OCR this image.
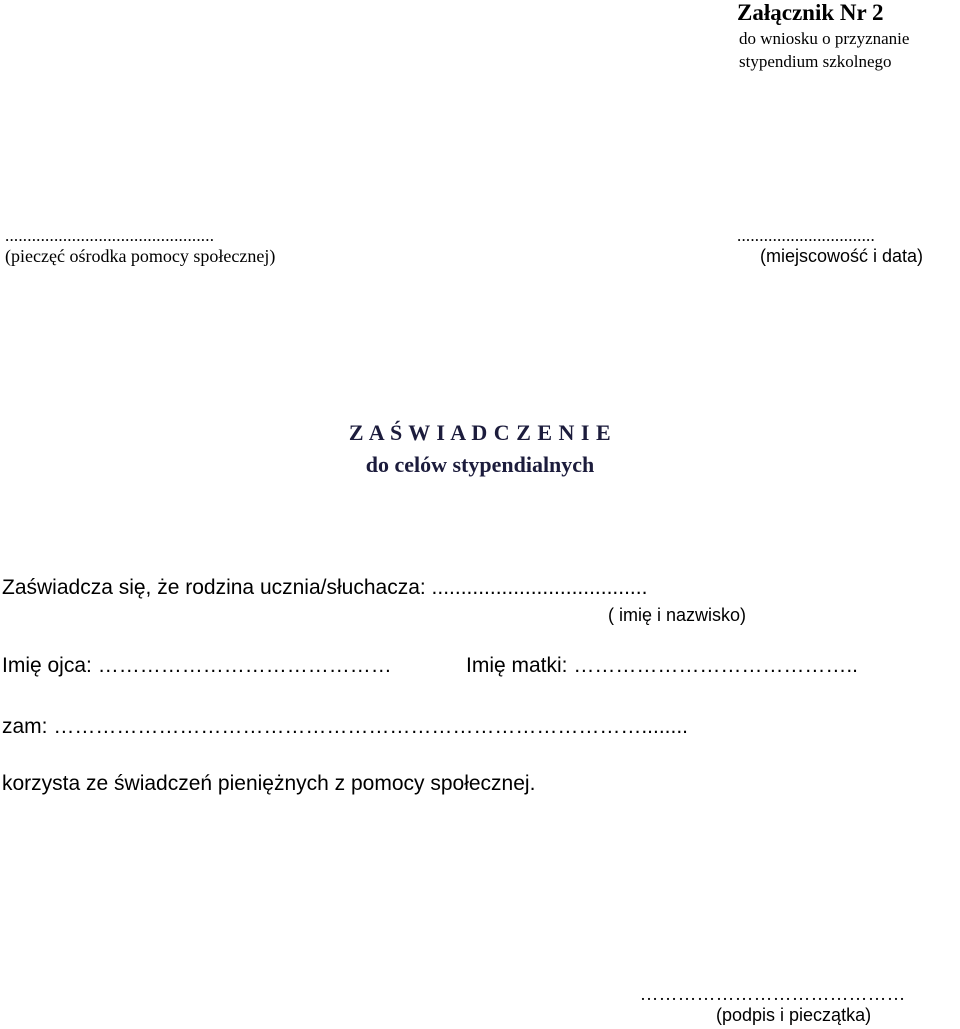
Załącznik Nr 2
do wniosku o przyznanie
stypendium szkolnego
...............................................
(pieczęć ośrodka pomocy społecznej)
...............................
(miejscowość i data)
Z A Ś W I A D C Z E N I E
do celów stypendialnych
Zaświadcza się, że rodzina ucznia/słuchacza: .....................................
( imię i nazwisko)
Imię ojca: ……………………………………	Imię matki: …………………………………..
zam: …………………………………………………………………………........
korzysta ze świadczeń pieniężnych z pomocy społecznej.
……………………………………
(podpis i pieczątka)
